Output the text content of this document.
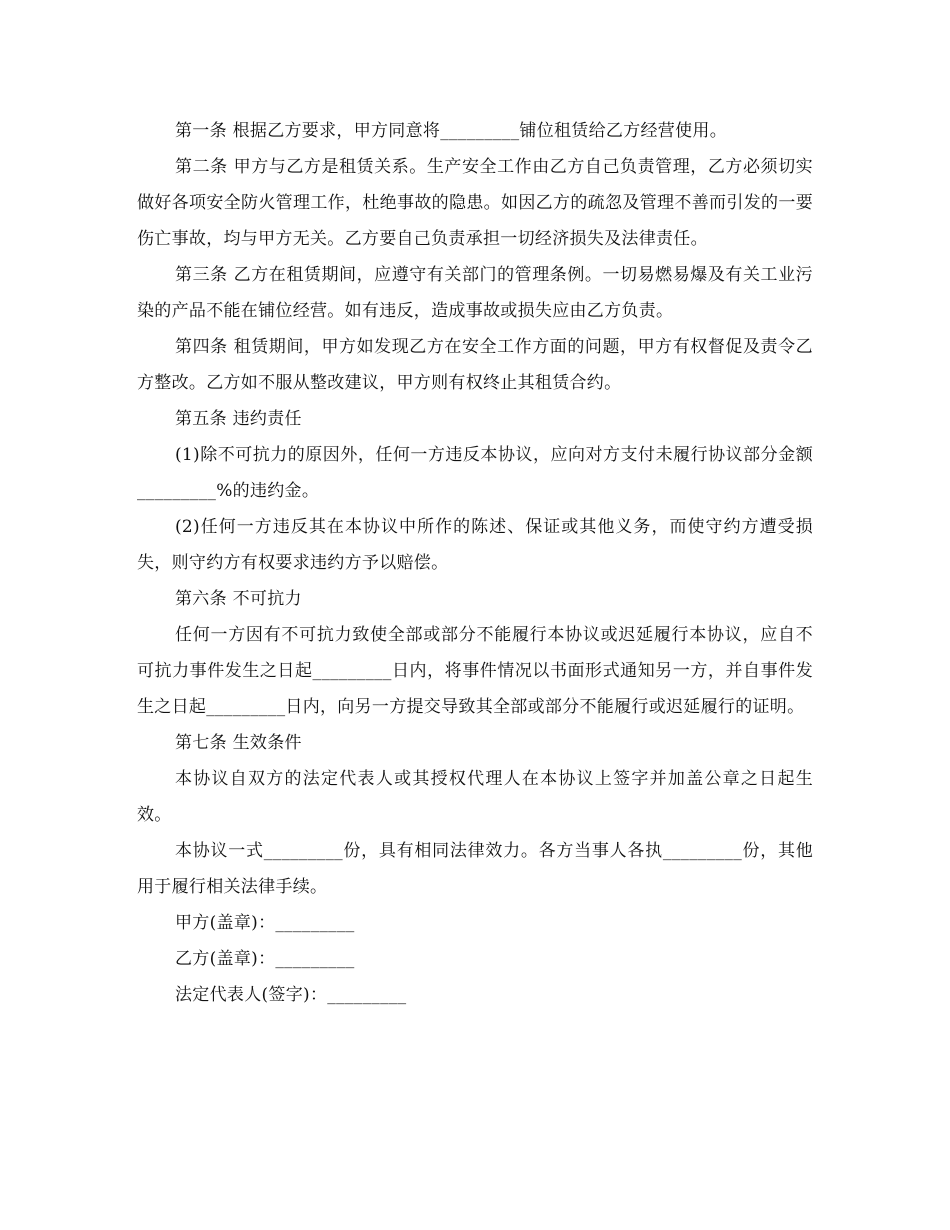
第一条 根据乙方要求，甲方同意将_________铺位租赁给乙方经营使用。

第二条 甲方与乙方是租赁关系。生产安全工作由乙方自己负责管理，乙方必须切实做好各项安全防火管理工作，杜绝事故的隐患。如因乙方的疏忽及管理不善而引发的一要伤亡事故，均与甲方无关。乙方要自己负责承担一切经济损失及法律责任。

第三条 乙方在租赁期间，应遵守有关部门的管理条例。一切易燃易爆及有关工业污染的产品不能在铺位经营。如有违反，造成事故或损失应由乙方负责。

第四条 租赁期间，甲方如发现乙方在安全工作方面的问题，甲方有权督促及责令乙方整改。乙方如不服从整改建议，甲方则有权终止其租赁合约。

第五条 违约责任

(1)除不可抗力的原因外，任何一方违反本协议，应向对方支付未履行协议部分金额_________%的违约金。

(2)任何一方违反其在本协议中所作的陈述、保证或其他义务，而使守约方遭受损失，则守约方有权要求违约方予以赔偿。

第六条 不可抗力

任何一方因有不可抗力致使全部或部分不能履行本协议或迟延履行本协议，应自不可抗力事件发生之日起_________日内，将事件情况以书面形式通知另一方，并自事件发生之日起_________日内，向另一方提交导致其全部或部分不能履行或迟延履行的证明。

第七条 生效条件

本协议自双方的法定代表人或其授权代理人在本协议上签字并加盖公章之日起生效。

本协议一式_________份，具有相同法律效力。各方当事人各执_________份，其他用于履行相关法律手续。

甲方(盖章)：_________

乙方(盖章)：_________

法定代表人(签字)：_________
